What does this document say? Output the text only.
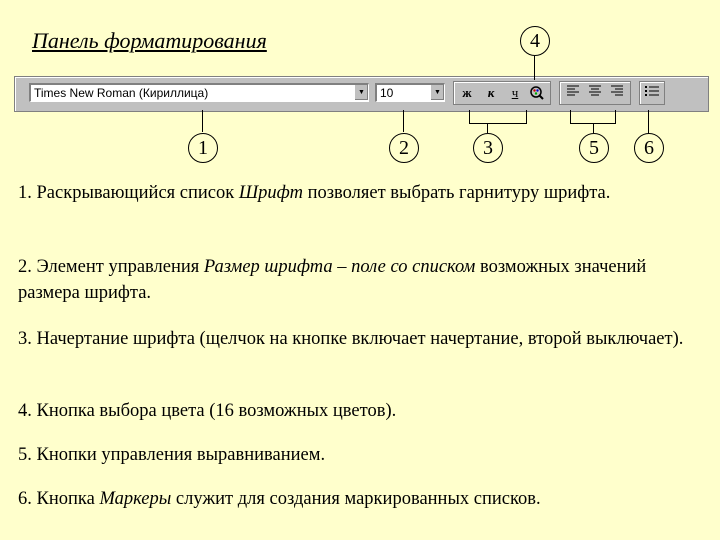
Панель форматирования
Times New Roman (Кириллица)	▼ 10	▼	ж	к	ч
4
1	2	3	5	6
1. Раскрывающийся список Шрифт позволяет выбрать гарнитуру шрифта.
2. Элемент управления Размер шрифта – поле со списком возможных значений размера шрифта.
3. Начертание шрифта (щелчок на кнопке включает начертание, второй выключает).
4. Кнопка выбора цвета (16 возможных цветов).
5. Кнопки управления выравниванием.
6. Кнопка Маркеры служит для создания маркированных списков.
